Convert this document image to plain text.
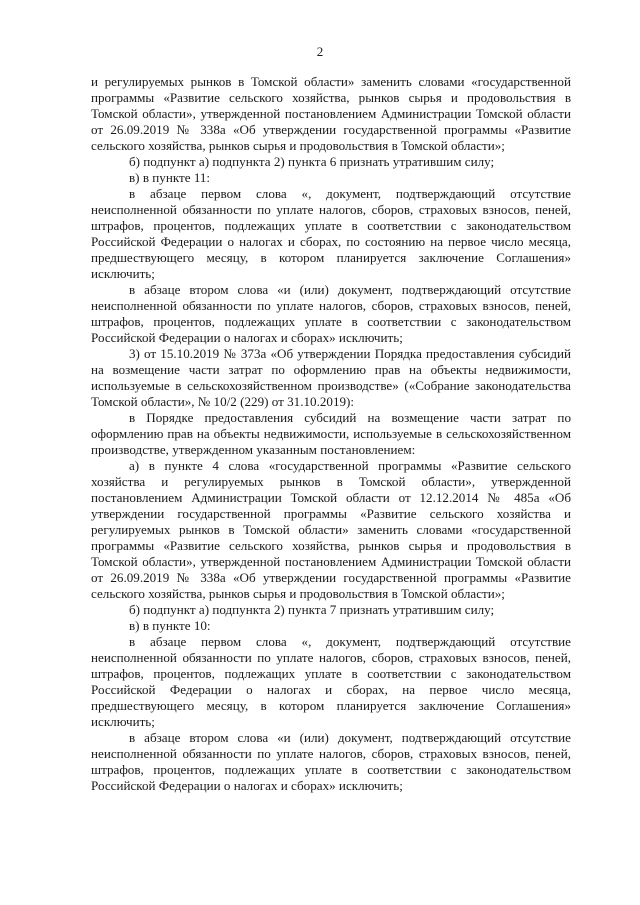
2

и регулируемых рынков в Томской области» заменить словами «государственной программы «Развитие сельского хозяйства, рынков сырья и продовольствия в Томской области», утвержденной постановлением Администрации Томской области от 26.09.2019 № 338а «Об утверждении государственной программы «Развитие сельского хозяйства, рынков сырья и продовольствия в Томской области»;

б) подпункт а) подпункта 2) пункта 6 признать утратившим силу;

в) в пункте 11:

в абзаце первом слова «, документ, подтверждающий отсутствие неисполненной обязанности по уплате налогов, сборов, страховых взносов, пеней, штрафов, процентов, подлежащих уплате в соответствии с законодательством Российской Федерации о налогах и сборах, по состоянию на первое число месяца, предшествующего месяцу, в котором планируется заключение Соглашения» исключить;

в абзаце втором слова «и (или) документ, подтверждающий отсутствие неисполненной обязанности по уплате налогов, сборов, страховых взносов, пеней, штрафов, процентов, подлежащих уплате в соответствии с законодательством Российской Федерации о налогах и сборах» исключить;

3) от 15.10.2019 № 373а «Об утверждении Порядка предоставления субсидий на возмещение части затрат по оформлению прав на объекты недвижимости, используемые в сельскохозяйственном производстве» («Собрание законодательства Томской области», № 10/2 (229) от 31.10.2019):

в Порядке предоставления субсидий на возмещение части затрат по оформлению прав на объекты недвижимости, используемые в сельскохозяйственном производстве, утвержденном указанным постановлением:

а) в пункте 4 слова «государственной программы «Развитие сельского хозяйства и регулируемых рынков в Томской области», утвержденной постановлением Администрации Томской области от 12.12.2014 № 485а «Об утверждении государственной программы «Развитие сельского хозяйства и регулируемых рынков в Томской области» заменить словами «государственной программы «Развитие сельского хозяйства, рынков сырья и продовольствия в Томской области», утвержденной постановлением Администрации Томской области от 26.09.2019 № 338а «Об утверждении государственной программы «Развитие сельского хозяйства, рынков сырья и продовольствия в Томской области»;

б) подпункт а) подпункта 2) пункта 7 признать утратившим силу;

в) в пункте 10:

в абзаце первом слова «, документ, подтверждающий отсутствие неисполненной обязанности по уплате налогов, сборов, страховых взносов, пеней, штрафов, процентов, подлежащих уплате в соответствии с законодательством Российской Федерации о налогах и сборах, на первое число месяца, предшествующего месяцу, в котором планируется заключение Соглашения» исключить;

в абзаце втором слова «и (или) документ, подтверждающий отсутствие неисполненной обязанности по уплате налогов, сборов, страховых взносов, пеней, штрафов, процентов, подлежащих уплате в соответствии с законодательством Российской Федерации о налогах и сборах» исключить;
